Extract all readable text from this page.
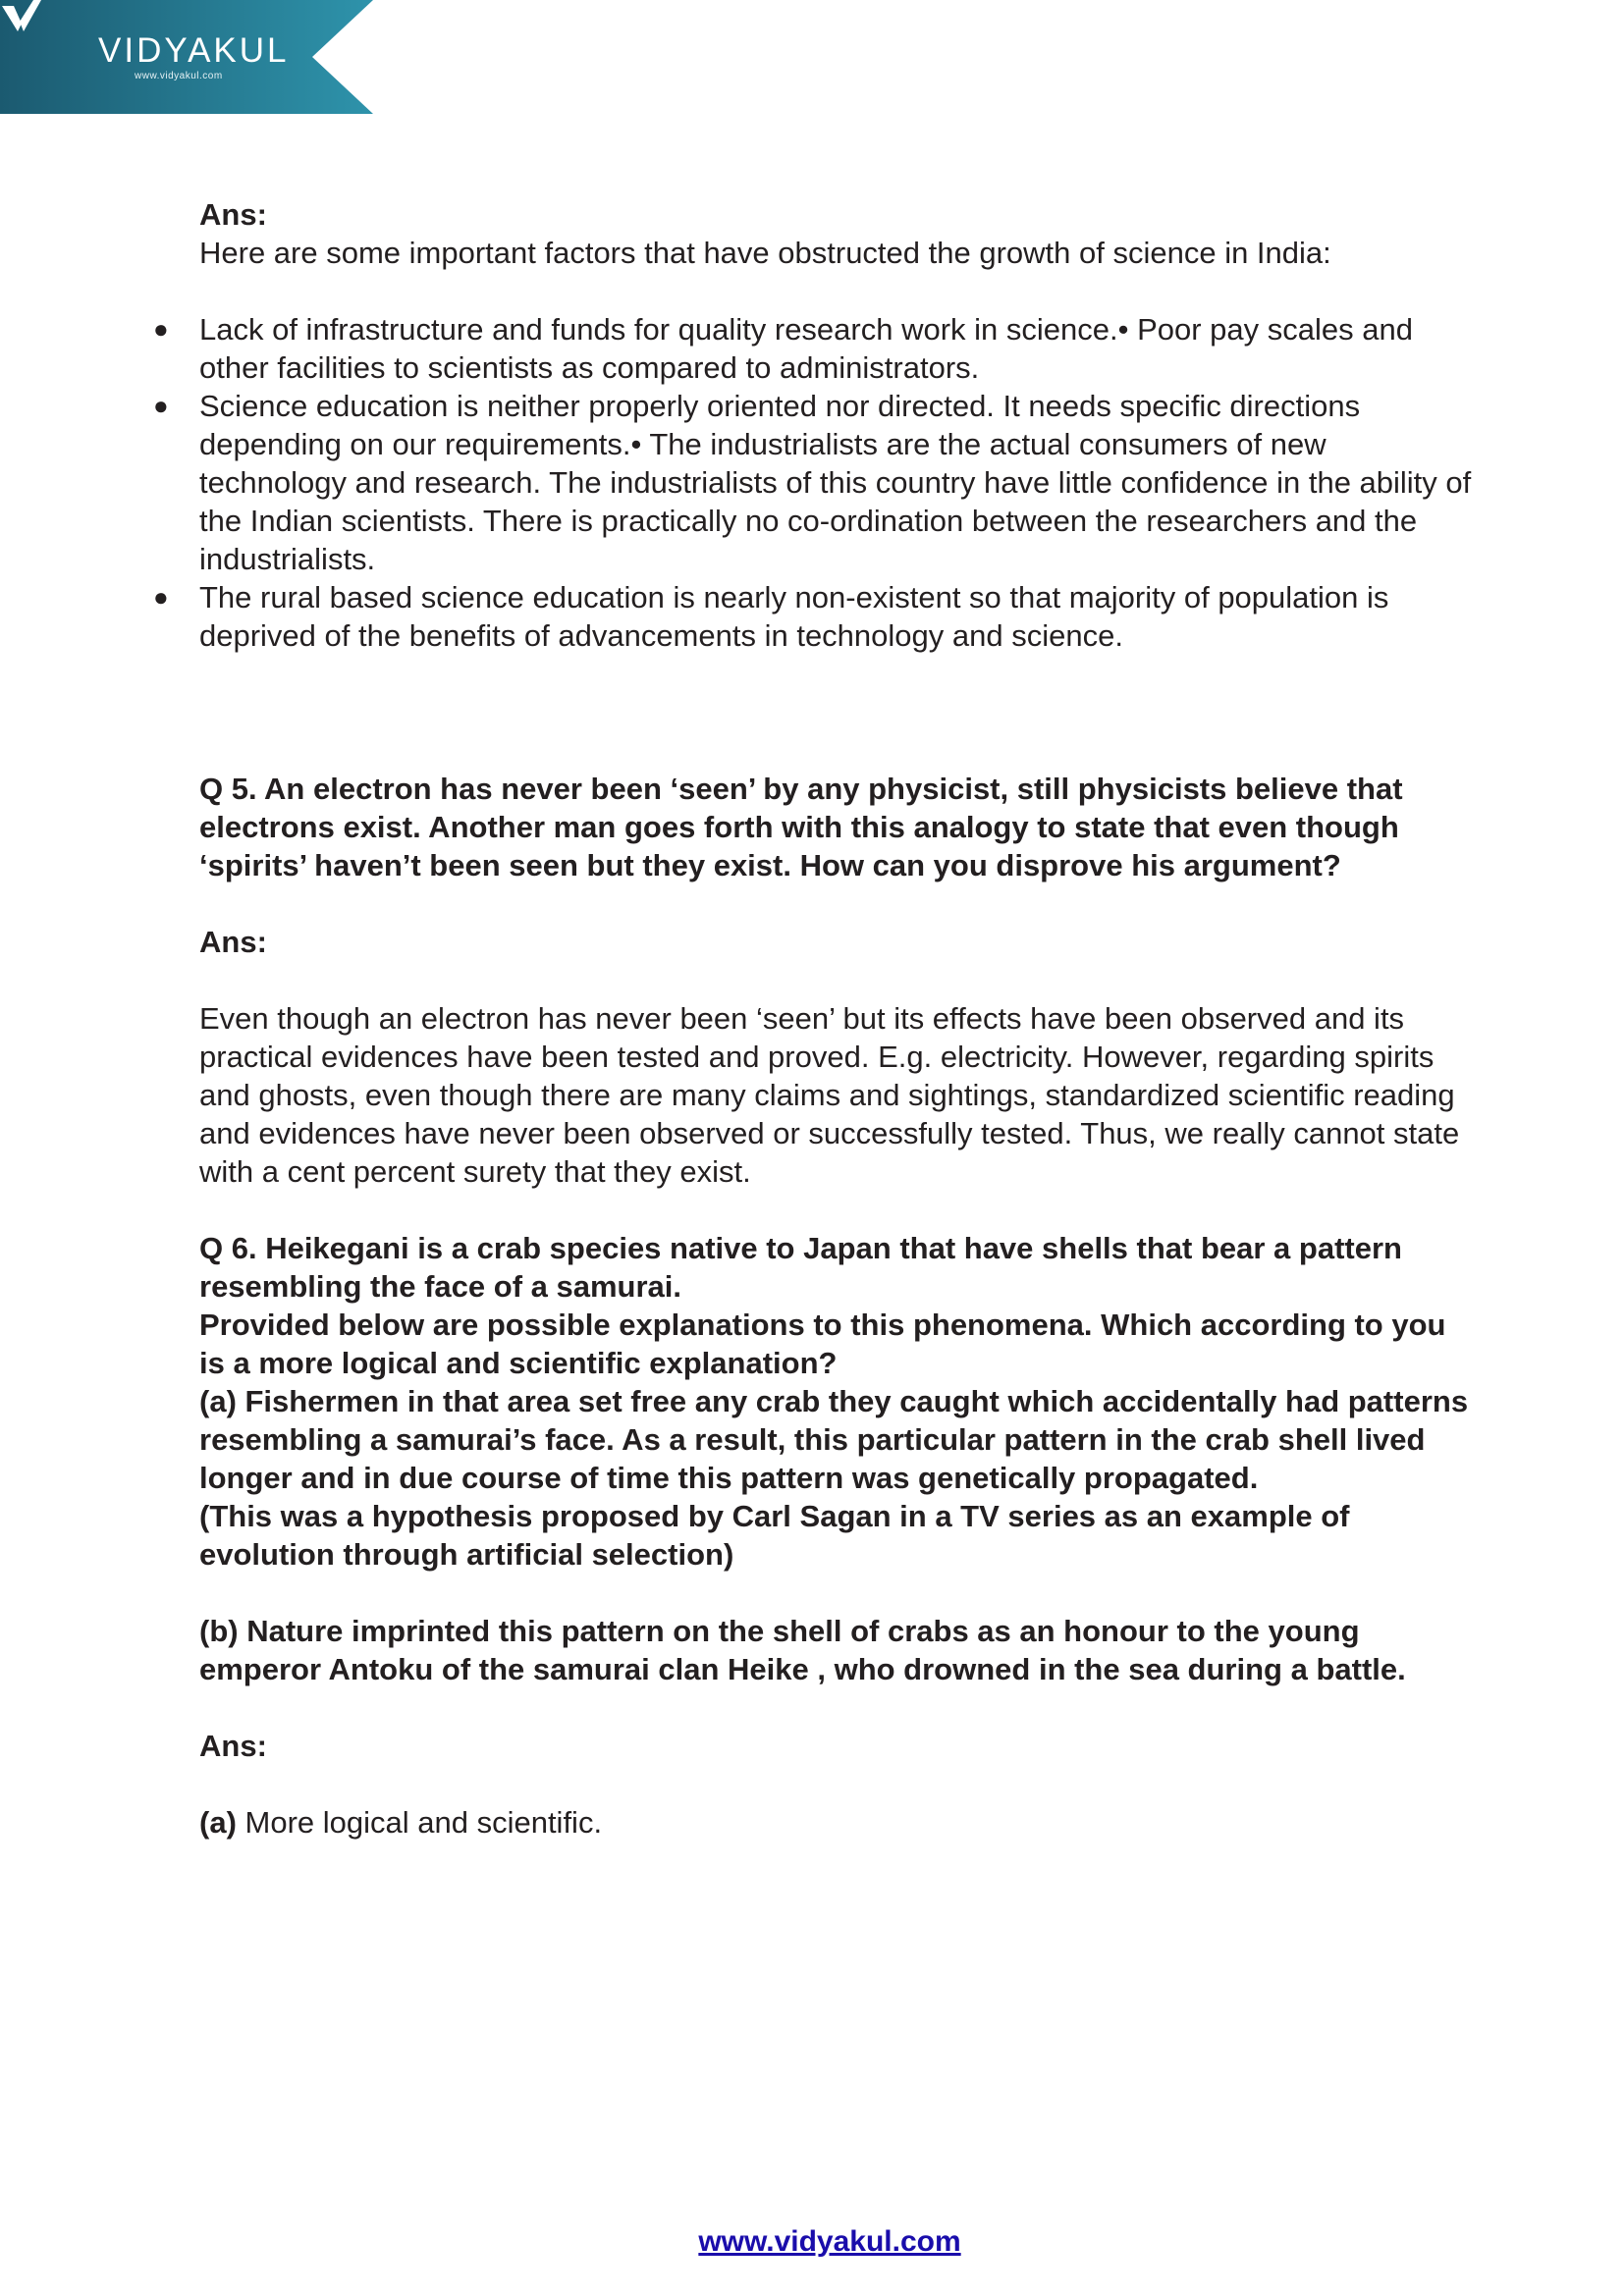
VIDYAKUL
www.vidyakul.com

Ans:

Here are some important factors that have obstructed the growth of science in India:

● Lack of infrastructure and funds for quality research work in science.• Poor pay scales and other facilities to scientists as compared to administrators.
● Science education is neither properly oriented nor directed. It needs specific directions depending on our requirements.• The industrialists are the actual consumers of new technology and research. The industrialists of this country have little confidence in the ability of the Indian scientists. There is practically no co-ordination between the researchers and the industrialists.
● The rural based science education is nearly non-existent so that majority of population is deprived of the benefits of advancements in technology and science.

Q 5. An electron has never been ‘seen’ by any physicist, still physicists believe that electrons exist. Another man goes forth with this analogy to state that even though ‘spirits’ haven’t been seen but they exist. How can you disprove his argument?

Ans:

Even though an electron has never been ‘seen’ but its effects have been observed and its practical evidences have been tested and proved. E.g. electricity. However, regarding spirits and ghosts, even though there are many claims and sightings, standardized scientific reading and evidences have never been observed or successfully tested. Thus, we really cannot state with a cent percent surety that they exist.

Q 6. Heikegani is a crab species native to Japan that have shells that bear a pattern resembling the face of a samurai.

Provided below are possible explanations to this phenomena. Which according to you is a more logical and scientific explanation?

(a) Fishermen in that area set free any crab they caught which accidentally had patterns resembling a samurai’s face. As a result, this particular pattern in the crab shell lived longer and in due course of time this pattern was genetically propagated.

(This was a hypothesis proposed by Carl Sagan in a TV series as an example of evolution through artificial selection)

(b) Nature imprinted this pattern on the shell of crabs as an honour to the young emperor Antoku of the samurai clan Heike , who drowned in the sea during a battle.

Ans:

(a) More logical and scientific.

www.vidyakul.com
